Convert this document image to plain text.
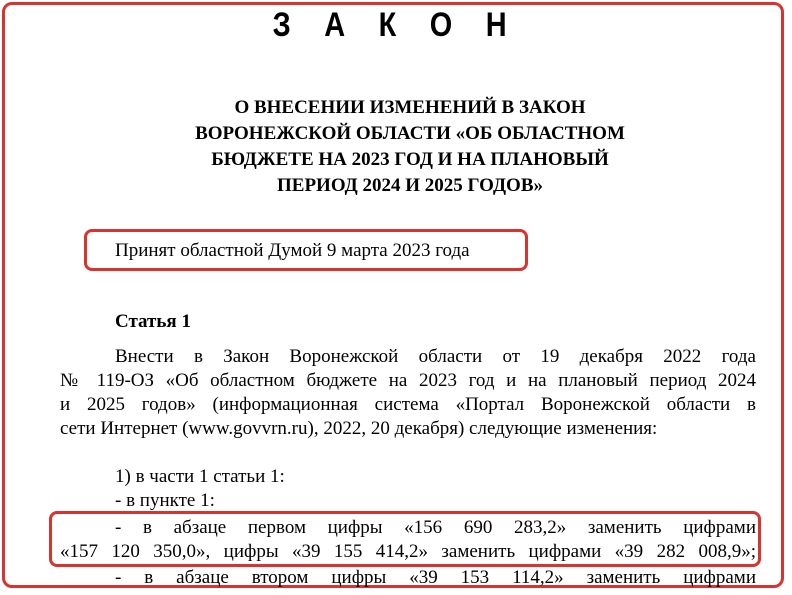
З А К О Н
О ВНЕСЕНИИ ИЗМЕНЕНИЙ В ЗАКОН
ВОРОНЕЖСКОЙ ОБЛАСТИ «ОБ ОБЛАСТНОМ
БЮДЖЕТЕ НА 2023 ГОД И НА ПЛАНОВЫЙ
ПЕРИОД 2024 И 2025 ГОДОВ»
Принят областной Думой 9 марта 2023 года
Статья 1
Внести в Закон Воронежской области от 19 декабря 2022 года
№ 119-ОЗ «Об областном бюджете на 2023 год и на плановый период 2024
и 2025 годов» (информационная система «Портал Воронежской области в
сети Интернет (www.govvrn.ru), 2022, 20 декабря) следующие изменения:
1) в части 1 статьи 1:
- в пункте 1:
- в абзаце первом цифры «156 690 283,2» заменить цифрами
«157 120 350,0», цифры «39 155 414,2» заменить цифрами «39 282 008,9»;
- в абзаце втором цифры «39 153 114,2» заменить цифрами
